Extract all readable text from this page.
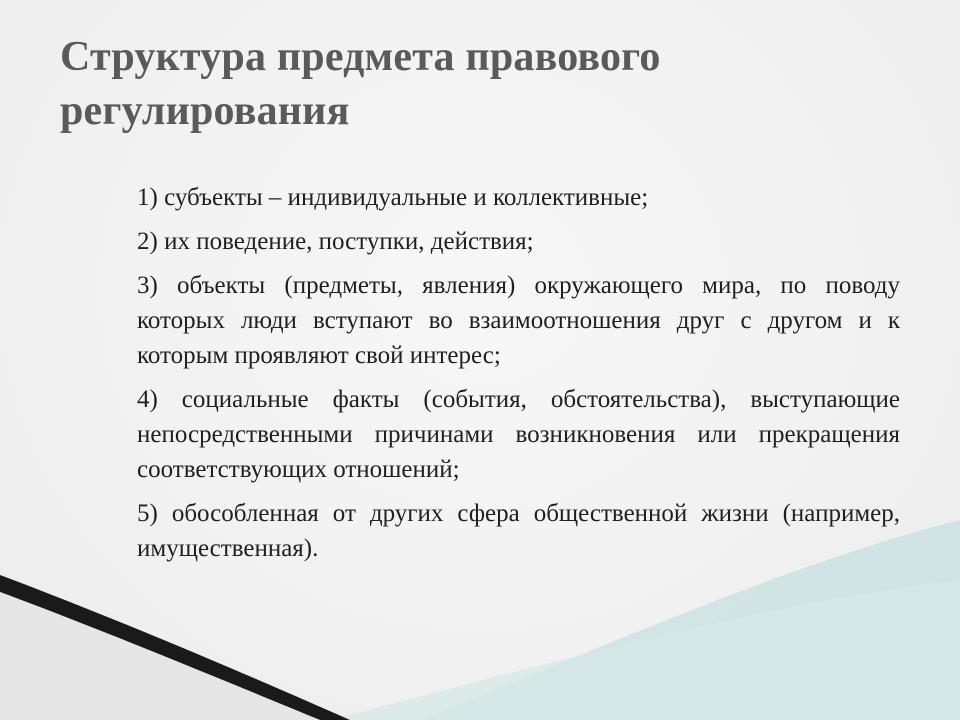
Структура предмета правового регулирования
1) субъекты – индивидуальные и коллективные;
2) их поведение, поступки, действия;
3) объекты (предметы, явления) окружающего мира, по поводу которых люди вступают во взаимоотношения друг с другом и к которым проявляют свой интерес;
4) социальные факты (события, обстоятельства), выступающие непосредственными причинами возникновения или прекращения соответствующих отношений;
5) обособленная от других сфера общественной жизни (например, имущественная).
